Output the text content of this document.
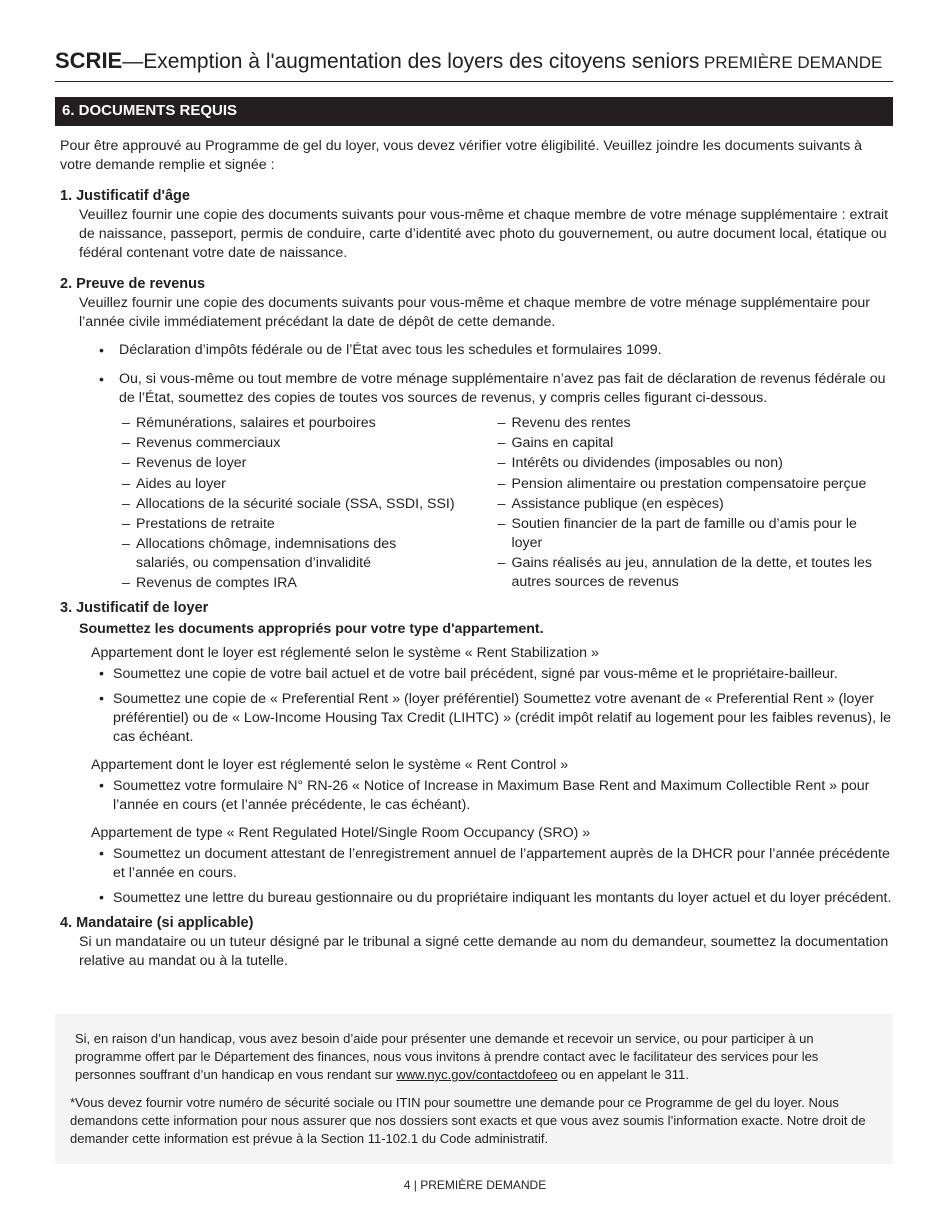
SCRIE—Exemption à l'augmentation des loyers des citoyens seniors PREMIÈRE DEMANDE
6. DOCUMENTS REQUIS

Pour être approuvé au Programme de gel du loyer, vous devez vérifier votre éligibilité. Veuillez joindre les documents suivants à votre demande remplie et signée :

1. Justificatif d'âge

Veuillez fournir une copie des documents suivants pour vous-même et chaque membre de votre ménage supplémentaire : extrait de naissance, passeport, permis de conduire, carte d’identité avec photo du gouvernement, ou autre document local, étatique ou fédéral contenant votre date de naissance.

2. Preuve de revenus

Veuillez fournir une copie des documents suivants pour vous-même et chaque membre de votre ménage supplémentaire pour l’année civile immédiatement précédant la date de dépôt de cette demande.

• Déclaration d’impôts fédérale ou de l’État avec tous les schedules et formulaires 1099.
• Ou, si vous-même ou tout membre de votre ménage supplémentaire n’avez pas fait de déclaration de revenus fédérale ou de l’État, soumettez des copies de toutes vos sources de revenus, y compris celles figurant ci-dessous.
– Rémunérations, salaires et pourboires
– Revenus commerciaux
– Revenus de loyer
– Aides au loyer
– Allocations de la sécurité sociale (SSA, SSDI, SSI)
– Prestations de retraite
– Allocations chômage, indemnisations des salariés, ou compensation d’invalidité
– Revenus de comptes IRA
– Revenu des rentes
– Gains en capital
– Intérêts ou dividendes (imposables ou non)
– Pension alimentaire ou prestation compensatoire perçue
– Assistance publique (en espèces)
– Soutien financier de la part de famille ou d’amis pour le loyer
– Gains réalisés au jeu, annulation de la dette, et toutes les autres sources de revenus
3. Justificatif de loyer
Soumettez les documents appropriés pour votre type d'appartement.
Appartement dont le loyer est réglementé selon le système « Rent Stabilization »
• Soumettez une copie de votre bail actuel et de votre bail précédent, signé par vous-même et le propriétaire-bailleur.
• Soumettez une copie de « Preferential Rent » (loyer préférentiel) Soumettez votre avenant de « Preferential Rent » (loyer préférentiel) ou de « Low-Income Housing Tax Credit (LIHTC) » (crédit impôt relatif au logement pour les faibles revenus), le cas échéant.
Appartement dont le loyer est réglementé selon le système « Rent Control »
• Soumettez votre formulaire N° RN-26 « Notice of Increase in Maximum Base Rent and Maximum Collectible Rent » pour l’année en cours (et l’année précédente, le cas échéant).
Appartement de type « Rent Regulated Hotel/Single Room Occupancy (SRO) »
• Soumettez un document attestant de l’enregistrement annuel de l’appartement auprès de la DHCR pour l’année précédente et l’année en cours.
• Soumettez une lettre du bureau gestionnaire ou du propriétaire indiquant les montants du loyer actuel et du loyer précédent.
4. Mandataire (si applicable)

Si un mandataire ou un tuteur désigné par le tribunal a signé cette demande au nom du demandeur, soumettez la documentation relative au mandat ou à la tutelle.

Si, en raison d’un handicap, vous avez besoin d’aide pour présenter une demande et recevoir un service, ou pour participer à un programme offert par le Département des finances, nous vous invitons à prendre contact avec le facilitateur des services pour les personnes souffrant d’un handicap en vous rendant sur www.nyc.gov/contactdofeeo ou en appelant le 311.

*Vous devez fournir votre numéro de sécurité sociale ou ITIN pour soumettre une demande pour ce Programme de gel du loyer. Nous demandons cette information pour nous assurer que nos dossiers sont exacts et que vous avez soumis l’information exacte. Notre droit de demander cette information est prévue à la Section 11-102.1 du Code administratif.

4 | PREMIÈRE DEMANDE
